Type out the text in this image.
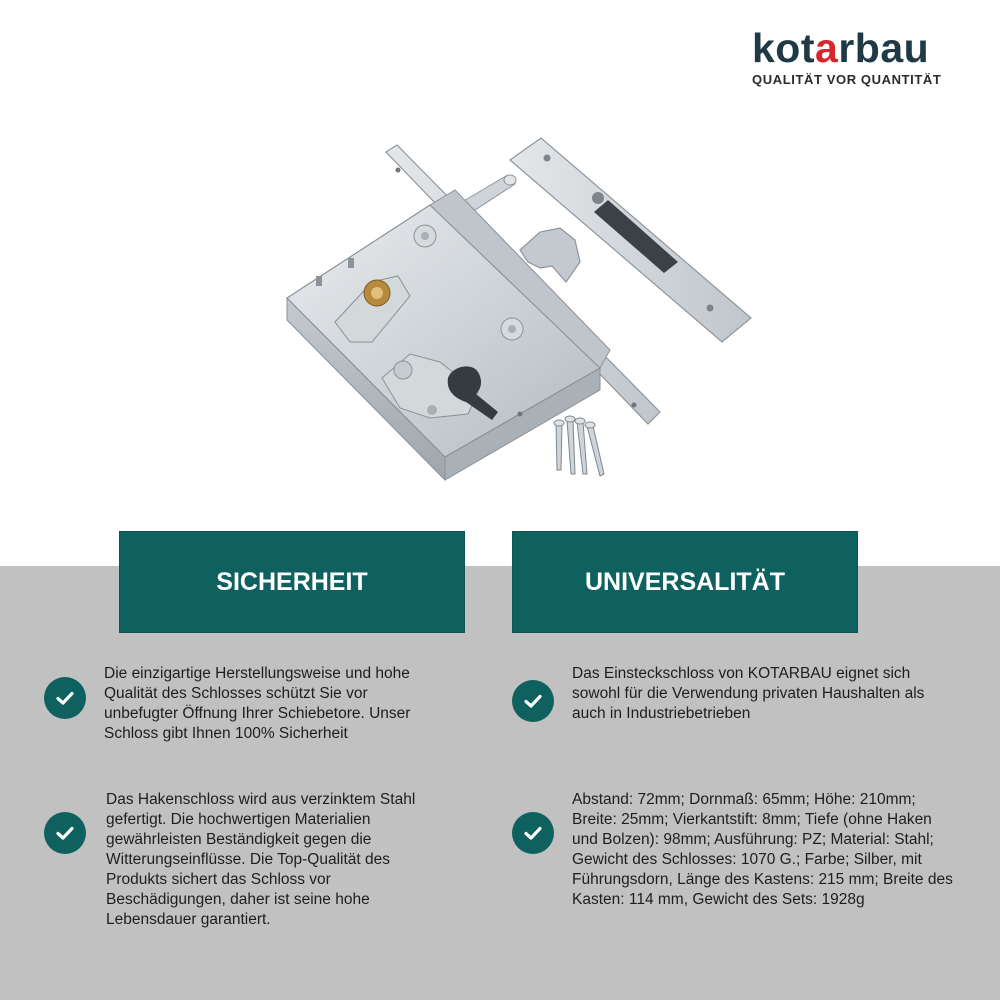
kotarbau
QUALITÄT VOR QUANTITÄT
SICHERHEIT	UNIVERSALITÄT
Die einzigartige Herstellungsweise und hohe Qualität des Schlosses schützt Sie vor unbefugter Öffnung Ihrer Schiebetore. Unser Schloss gibt Ihnen 100% Sicherheit
Das Einsteckschloss von KOTARBAU eignet sich sowohl für die Verwendung privaten Haushalten als auch in Industriebetrieben
Das Hakenschloss wird aus verzinktem Stahl gefertigt. Die hochwertigen Materialien gewährleisten Beständigkeit gegen die Witterungseinflüsse. Die Top-Qualität des Produkts sichert das Schloss vor Beschädigungen, daher ist seine hohe Lebensdauer garantiert.
Abstand: 72mm; Dornmaß: 65mm; Höhe: 210mm; Breite: 25mm; Vierkantstift: 8mm; Tiefe (ohne Haken und Bolzen): 98mm; Ausführung: PZ; Material: Stahl; Gewicht des Schlosses: 1070 G.; Farbe; Silber, mit Führungsdorn, Länge des Kastens: 215 mm; Breite des Kasten: 114 mm, Gewicht des Sets: 1928g
